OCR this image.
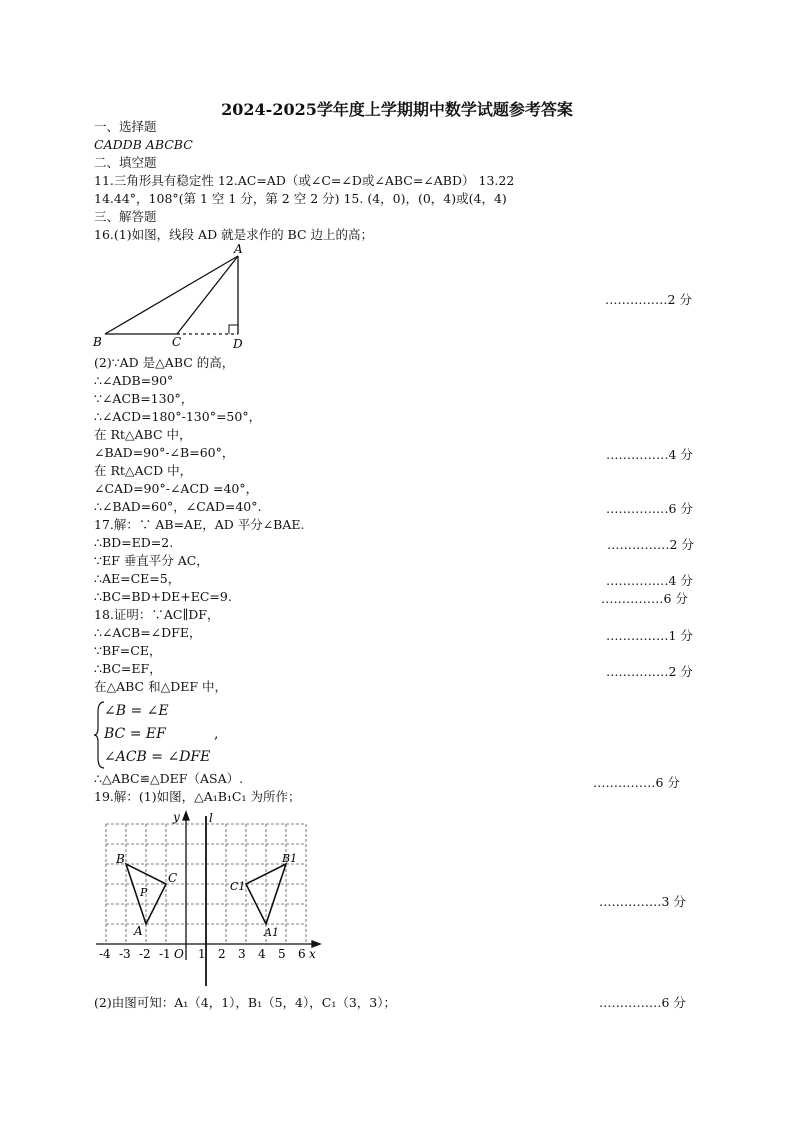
2024-2025学年度上学期期中数学试题参考答案
一、选择题
CADDB ABCBC
二、填空题
11.三角形具有稳定性 12.AC=AD（或∠C=∠D或∠ABC=∠ABD） 13.22
14.44°，108°(第 1 空 1 分，第 2 空 2 分) 15. (4，0)，(0，4)或(4，4)
三、解答题
16.(1)如图，线段 AD 就是求作的 BC 边上的高；
(2)∵AD 是△ABC 的高，
∴∠ADB=90°
∵∠ACB=130°，
∴∠ACD=180°-130°=50°，
在 Rt△ABC 中，
∠BAD=90°-∠B=60°，
在 Rt△ACD 中，
∠CAD=90°-∠ACD =40°，
∴∠BAD=60°，∠CAD=40°.
17.解：∵ AB=AE，AD 平分∠BAE.
∴BD=ED=2.
∵EF 垂直平分 AC，
∴AE=CE=5，
∴BC=BD+DE+EC=9.
18.证明：∵AC∥DF，
∴∠ACB=∠DFE，
∵BF=CE，
∴BC=EF，
在△ABC 和△DEF 中，
∴△ABC≌△DEF（ASA）.
19.解：(1)如图，△A₁B₁C₁ 为所作；
(2)由图可知：A₁（4，1），B₁（5，4），C₁（3，3）；
∠B = ∠E
BC = EF	,
∠ACB = ∠DFE
……………2 分
……………4 分
……………6 分
……………2 分
……………4 分
……………6 分
……………1 分
……………2 分
……………6 分
……………3 分
……………6 分
A
B	C	D
y l
x
-4 -3 -2 -1 O 1 2 3 4 5 6
A
B
C
P
A1
B1
C1
